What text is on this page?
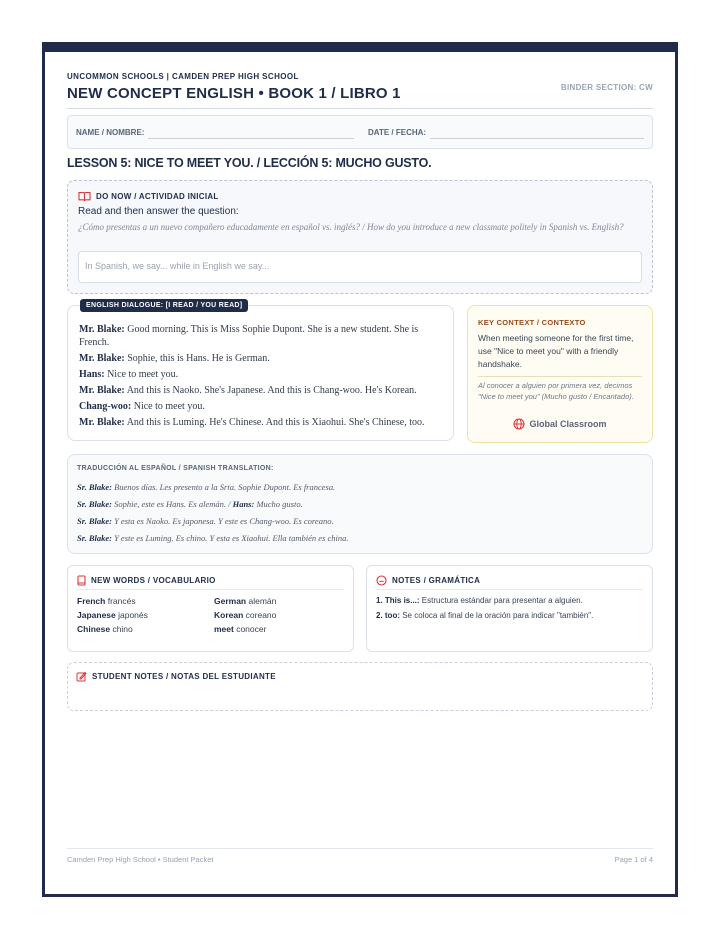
UNCOMMON SCHOOLS | CAMDEN PREP HIGH SCHOOL
NEW CONCEPT ENGLISH • BOOK 1 / LIBRO 1	BINDER SECTION: CW
NAME / NOMBRE:	DATE / FECHA:
LESSON 5: NICE TO MEET YOU. / LECCIÓN 5: MUCHO GUSTO.
DO NOW / ACTIVIDAD INICIAL
Read and then answer the question:
¿Cómo presentas a un nuevo compañero educadamente en español vs. inglés? / How do you introduce a new classmate politely in Spanish vs. English?
In Spanish, we say... while in English we say...
ENGLISH DIALOGUE: [I READ / YOU READ]

Mr. Blake: Good morning. This is Miss Sophie Dupont. She is a new student. She is French.

Mr. Blake: Sophie, this is Hans. He is German.

Hans: Nice to meet you.

Mr. Blake: And this is Naoko. She's Japanese. And this is Chang-woo. He's Korean.

Chang-woo: Nice to meet you.

Mr. Blake: And this is Luming. He's Chinese. And this is Xiaohui. She's Chinese, too.

KEY CONTEXT / CONTEXTO
When meeting someone for the first time, use "Nice to meet you" with a friendly handshake.
Al conocer a alguien por primera vez, decimos "Nice to meet you" (Mucho gusto / Encantado).
Global Classroom
TRADUCCIÓN AL ESPAÑOL / SPANISH TRANSLATION:

Sr. Blake: Buenos días. Les presento a la Srta. Sophie Dupont. Es francesa.

Sr. Blake: Sophie, este es Hans. Es alemán. / Hans: Mucho gusto.

Sr. Blake: Y esta es Naoko. Es japonesa. Y este es Chang-woo. Es coreano.

Sr. Blake: Y este es Luming. Es chino. Y esta es Xiaohui. Ella también es china.

NEW WORDS / VOCABULARIO
French francés	German alemán
Japanese japonés	Korean coreano
Chinese chino	meet conocer
NOTES / GRAMÁTICA

1. This is...: Estructura estándar para presentar a alguien.

2. too: Se coloca al final de la oración para indicar "también".

STUDENT NOTES / NOTAS DEL ESTUDIANTE
Camden Prep High School • Student Packet	Page 1 of 4
